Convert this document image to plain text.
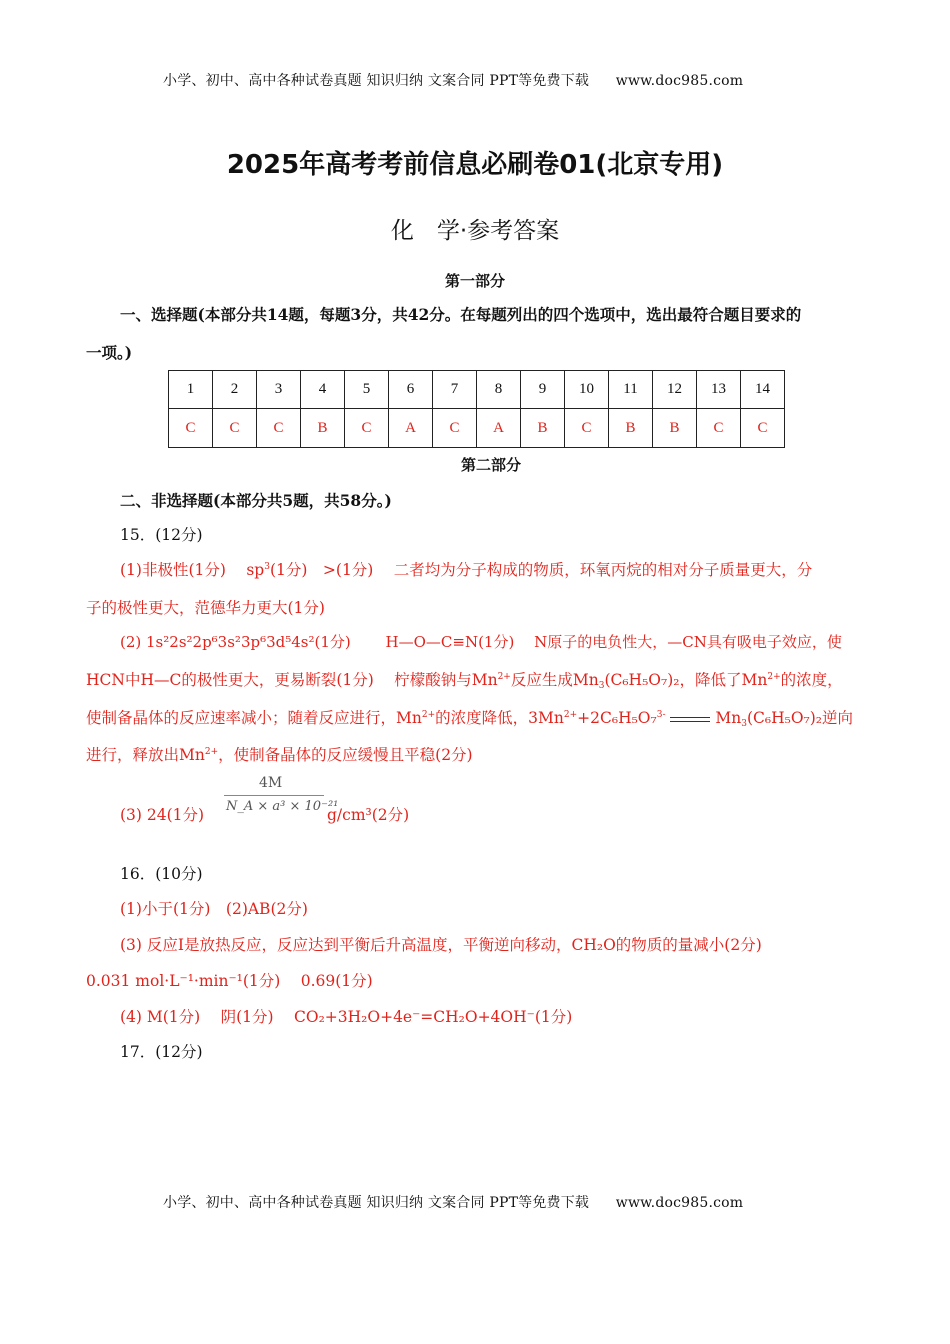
小学、初中、高中各种试卷真题 知识归纳 文案合同 PPT等免费下载 www.doc985.com
2025年高考考前信息必刷卷01(北京专用)
化　学·参考答案
第一部分
一、选择题(本部分共14题，每题3分，共42分。在每题列出的四个选项中，选出最符合题目要求的
一项。)
1	2	3	4	5	6	7	8	9	10	11	12	13	14
C	C	C	B	C	A	C	A	B	C	B	B	C	C
第二部分
二、非选择题(本部分共5题，共58分。)
15．(12分)
(1)非极性(1分)　 $sp^3(1$分)　>(1分)　 二者均为分子构成的物质，环氧丙烷的相对分子质量更大，分
子的极性更大，范德华力更大(1分)
(2) 1s²2s²2p⁶3s²3p⁶3d⁵4s²(1分)　　 H—O—C≡N(1分)　 N原子的电负性大，—CN具有吸电子效应，使
HCN中H—C的极性更大，更易断裂(1分)　 柠檬酸钠与$Mn^{2+}$反应生成$Mn_3(C_6H_5O_7)_2$，降低了$Mn^{2+}$的浓度，
使制备晶体的反应速率减小；随着反应进行，$Mn^{2+}$的浓度降低，$3Mn^{2+}+2C_6H_5O_7^{3-}$	$Mn_3(C_6H_5O_7)_2$逆向
进行，释放出$Mn^{2+}$，使制备晶体的反应缓慢且平稳(2分)
(3) 24(1分)
4M
N_A × a³ × 10⁻²¹
g/cm³(2分)
16．(10分)
(1)小于(1分)　(2)AB(2分)
(3) 反应I是放热反应，反应达到平衡后升高温度，平衡逆向移动，CH₂O的物质的量减小(2分)
0.031 mol·L⁻¹·min⁻¹(1分)　 0.69(1分)
(4) M(1分)　 阴(1分)　 CO₂+3H₂O+4e⁻=CH₂O+4OH⁻(1分)
17．(12分)
小学、初中、高中各种试卷真题 知识归纳 文案合同 PPT等免费下载 www.doc985.com
